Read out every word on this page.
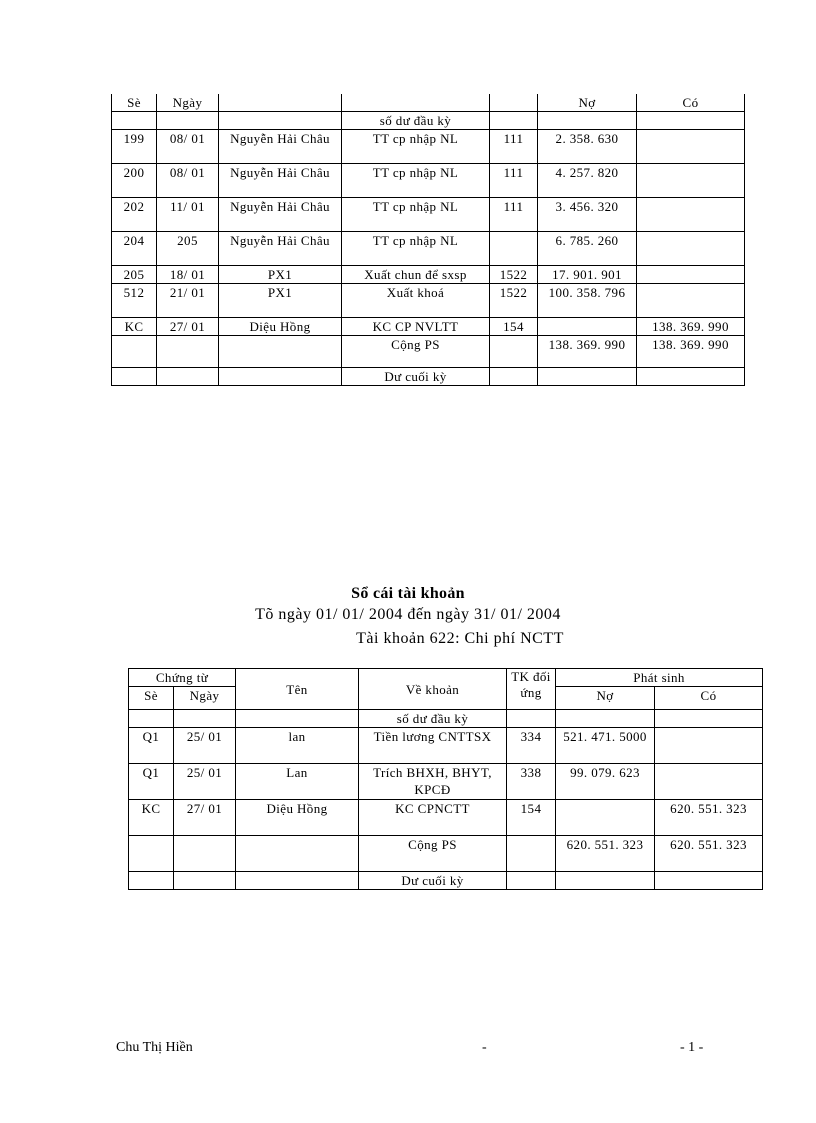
Sè	Ngày				Nợ	Có
			số dư đầu kỳ			
199	08/ 01	Nguyễn Hải Châu	TT cp nhập NL	111	2. 358. 630	
200	08/ 01	Nguyễn Hải Châu	TT cp nhập NL	111	4. 257. 820	
202	11/ 01	Nguyễn Hải Châu	TT cp nhập NL	111	3. 456. 320	
204	205	Nguyễn Hải Châu	TT cp nhập NL		6. 785. 260	
205	18/ 01	PX1	Xuất chun để sxsp	1522	17. 901. 901	
512	21/ 01	PX1	Xuất khoá	1522	100. 358. 796	
KC	27/ 01	Diệu Hồng	KC CP NVLTT	154		138. 369. 990
			Cộng PS		138. 369. 990	138. 369. 990
			Dư cuối kỳ			
Sổ cái tài khoản
Tõ ngày 01/ 01/ 2004 đến ngày 31/ 01/ 2004
Tài khoản 622: Chi phí NCTT
Chứng từ		Tên	Về khoản	TK đối ứng	Phát sinh	
Sè	Ngày				Nợ	Có
			số dư đầu kỳ			
Q1	25/ 01	lan	Tiền lương CNTTSX	334	521. 471. 5000	
Q1	25/ 01	Lan	Trích BHXH, BHYT, KPCĐ	338	99. 079. 623	
KC	27/ 01	Diệu Hồng	KC CPNCTT	154		620. 551. 323
			Cộng PS		620. 551. 323	620. 551. 323
			Dư cuối kỳ			
Chu Thị Hiền	-	- 1 -
